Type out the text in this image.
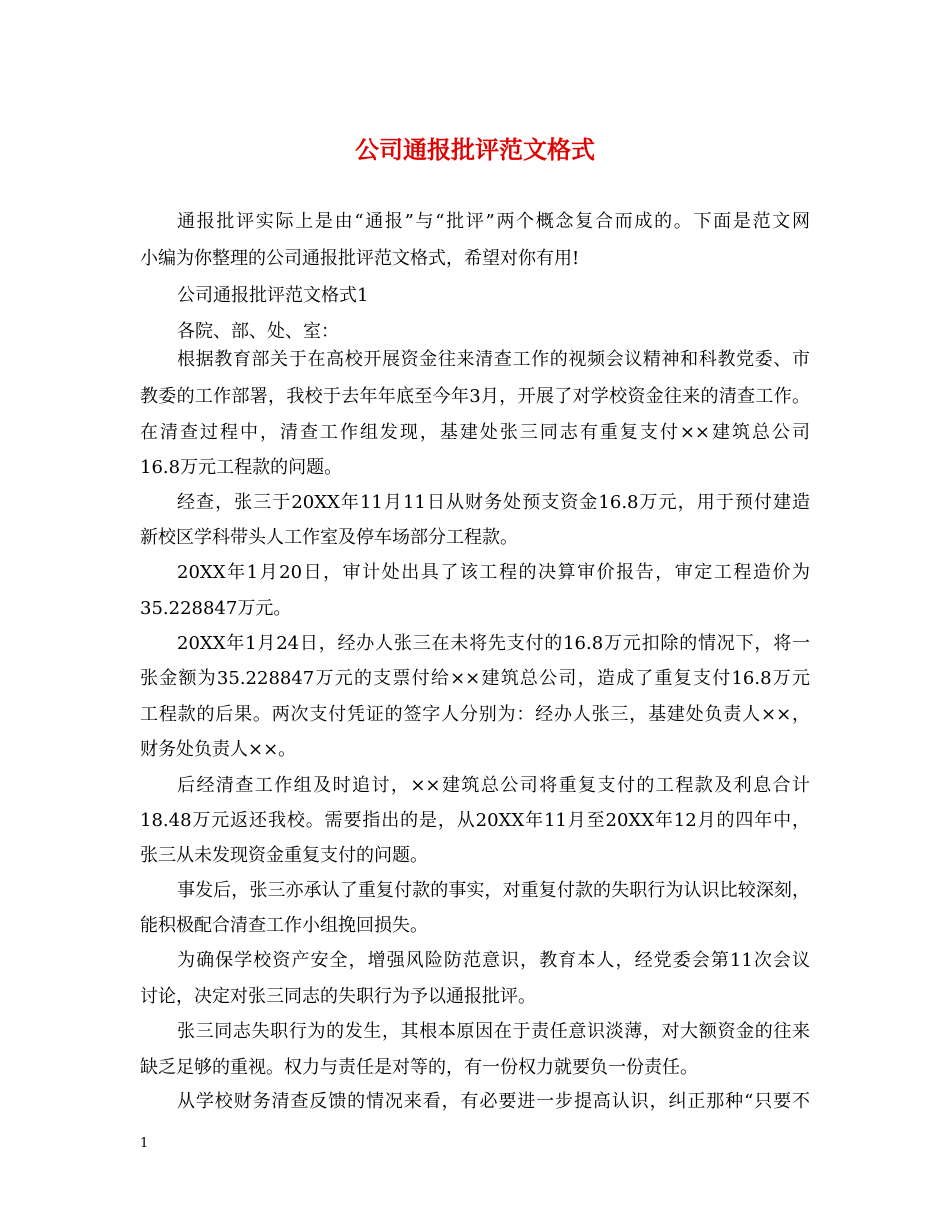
公司通报批评范文格式
通报批评实际上是由“通报”与“批评”两个概念复合而成的。下面是范文网
小编为你整理的公司通报批评范文格式，希望对你有用!
公司通报批评范文格式1
各院、部、处、室：
根据教育部关于在高校开展资金往来清查工作的视频会议精神和科教党委、市
教委的工作部署，我校于去年年底至今年3月，开展了对学校资金往来的清查工作。
在清查过程中，清查工作组发现，基建处张三同志有重复支付××建筑总公司
16.8万元工程款的问题。
经查，张三于20XX年11月11日从财务处预支资金16.8万元，用于预付建造
新校区学科带头人工作室及停车场部分工程款。
20XX年1月20日，审计处出具了该工程的决算审价报告，审定工程造价为
35.228847万元。
20XX年1月24日，经办人张三在未将先支付的16.8万元扣除的情况下，将一
张金额为35.228847万元的支票付给××建筑总公司，造成了重复支付16.8万元
工程款的后果。两次支付凭证的签字人分别为：经办人张三，基建处负责人××，
财务处负责人××。
后经清查工作组及时追讨，××建筑总公司将重复支付的工程款及利息合计
18.48万元返还我校。需要指出的是，从20XX年11月至20XX年12月的四年中，
张三从未发现资金重复支付的问题。
事发后，张三亦承认了重复付款的事实，对重复付款的失职行为认识比较深刻，
能积极配合清查工作小组挽回损失。
为确保学校资产安全，增强风险防范意识，教育本人，经党委会第11次会议
讨论，决定对张三同志的失职行为予以通报批评。
张三同志失职行为的发生，其根本原因在于责任意识淡薄，对大额资金的往来
缺乏足够的重视。权力与责任是对等的，有一份权力就要负一份责任。
从学校财务清查反馈的情况来看，有必要进一步提高认识，纠正那种“只要不
1
